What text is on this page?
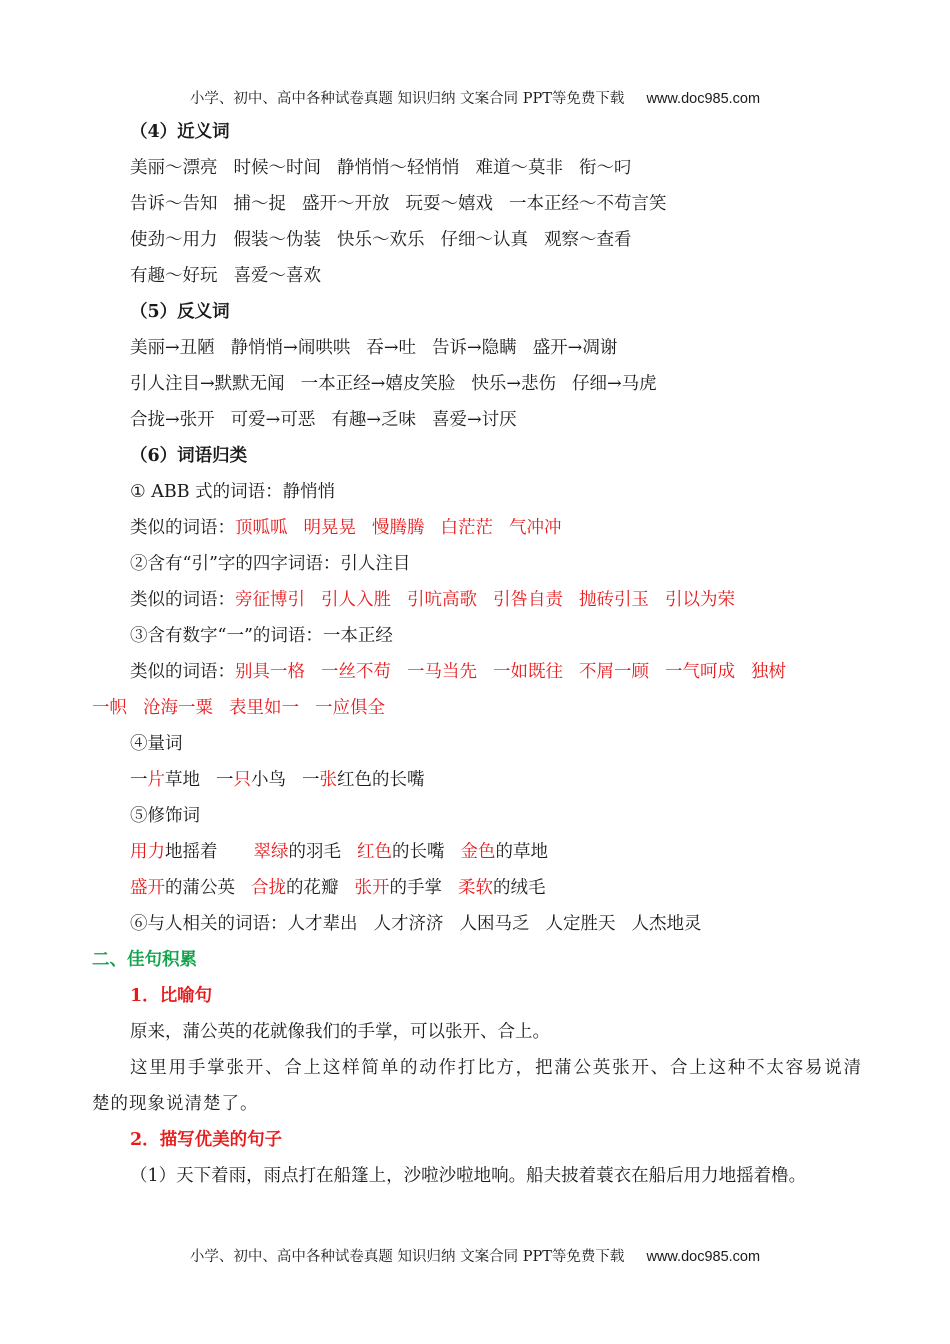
小学、初中、高中各种试卷真题 知识归纳 文案合同 PPT等免费下载 www.doc985.com
（4）近义词
美丽～漂亮 时候～时间 静悄悄～轻悄悄 难道～莫非 衔～叼
告诉～告知 捕～捉 盛开～开放 玩耍～嬉戏 一本正经～不苟言笑
使劲～用力 假装～伪装 快乐～欢乐 仔细～认真 观察～查看
有趣～好玩 喜爱～喜欢
（5）反义词
美丽→丑陋 静悄悄→闹哄哄 吞→吐 告诉→隐瞒 盛开→凋谢
引人注目→默默无闻 一本正经→嬉皮笑脸 快乐→悲伤 仔细→马虎
合拢→张开 可爱→可恶 有趣→乏味 喜爱→讨厌
（6）词语归类
① ABB 式的词语：静悄悄
类似的词语：顶呱呱 明晃晃 慢腾腾 白茫茫 气冲冲
②含有“引”字的四字词语：引人注目
类似的词语：旁征博引 引人入胜 引吭高歌 引咎自责 抛砖引玉 引以为荣
③含有数字“一”的词语：一本正经
类似的词语：别具一格 一丝不苟 一马当先 一如既往 不屑一顾 一气呵成 独树
一帜 沧海一粟 表里如一 一应俱全
④量词
一片草地 一只小鸟 一张红色的长嘴
⑤修饰词
用力地摇着 翠绿的羽毛 红色的长嘴 金色的草地
盛开的蒲公英 合拢的花瓣 张开的手掌 柔软的绒毛
⑥与人相关的词语：人才辈出 人才济济 人困马乏 人定胜天 人杰地灵
二、佳句积累
1．比喻句
原来，蒲公英的花就像我们的手掌，可以张开、合上。
这里用手掌张开、合上这样简单的动作打比方，把蒲公英张开、合上这种不太容易说清
楚的现象说清楚了。
2．描写优美的句子
（1）天下着雨，雨点打在船篷上，沙啦沙啦地响。船夫披着蓑衣在船后用力地摇着橹。
小学、初中、高中各种试卷真题 知识归纳 文案合同 PPT等免费下载 www.doc985.com
